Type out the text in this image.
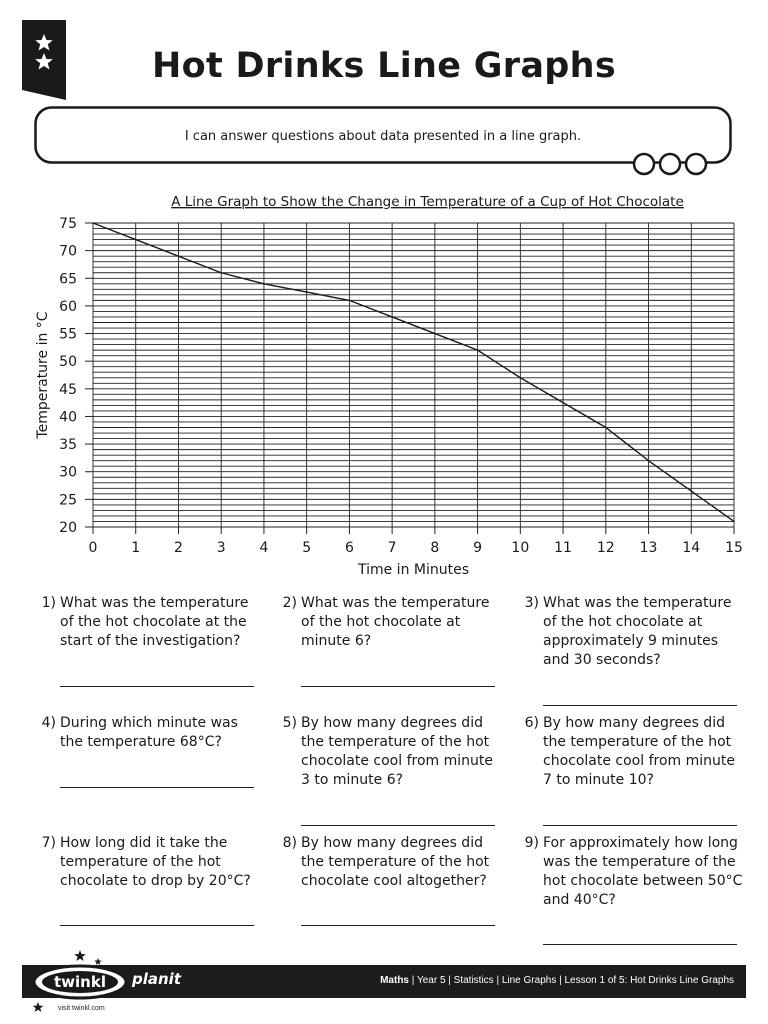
Hot Drinks Line Graphs
I can answer questions about data presented in a line graph.
A Line Graph to Show the Change in Temperature of a Cup of Hot Chocolate
20
25
30
35
40
45
50
55
60
65
70
75
0 1 2 3 4 5 6 7 8 9 10 11 12 13 14 15
Time in Minutes
Temperature in °C
1) What was the temperature of the hot chocolate at the start of the investigation?
2) What was the temperature of the hot chocolate at minute 6?
3) What was the temperature of the hot chocolate at approximately 9 minutes and 30 seconds?
4) During which minute was the temperature 68°C?
5) By how many degrees did the temperature of the hot chocolate cool from minute 3 to minute 6?
6) By how many degrees did the temperature of the hot chocolate cool from minute 7 to minute 10?
7) How long did it take the temperature of the hot chocolate to drop by 20°C?
8) By how many degrees did the temperature of the hot chocolate cool altogether?
9) For approximately how long was the temperature of the hot chocolate between 50°C and 40°C?
Maths | Year 5 | Statistics | Line Graphs | Lesson 1 of 5: Hot Drinks Line Graphs
twinkl planit
visit twinkl.com
